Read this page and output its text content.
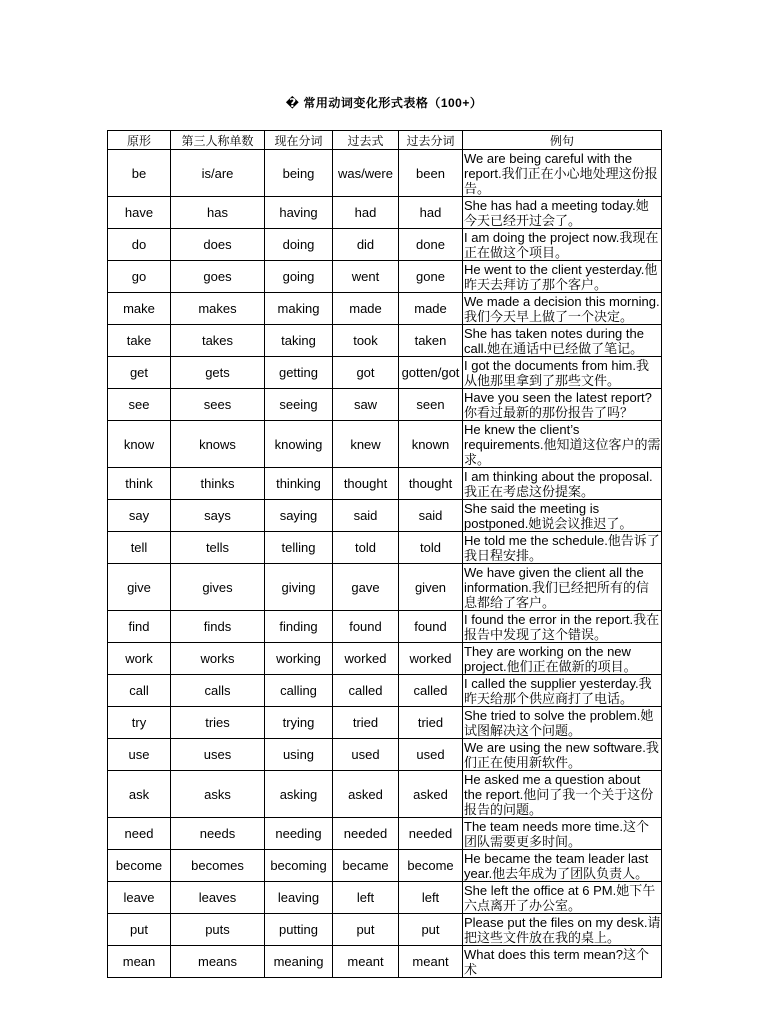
� 常用动词变化形式表格（100+）
原形	第三人称单数	现在分词	过去式	过去分词	例句
be	is/are	being	was/were	been	We are being careful with the report.我们正在小心地处理这份报告。
have	has	having	had	had	She has had a meeting today.她今天已经开过会了。
do	does	doing	did	done	I am doing the project now.我现在正在做这个项目。
go	goes	going	went	gone	He went to the client yesterday.他昨天去拜访了那个客户。
make	makes	making	made	made	We made a decision this morning.我们今天早上做了一个决定。
take	takes	taking	took	taken	She has taken notes during the call.她在通话中已经做了笔记。
get	gets	getting	got	gotten/got	I got the documents from him.我从他那里拿到了那些文件。
see	sees	seeing	saw	seen	Have you seen the latest report?你看过最新的那份报告了吗？
know	knows	knowing	knew	known	He knew the client’s requirements.他知道这位客户的需求。
think	thinks	thinking	thought	thought	I am thinking about the proposal.我正在考虑这份提案。
say	says	saying	said	said	She said the meeting is postponed.她说会议推迟了。
tell	tells	telling	told	told	He told me the schedule.他告诉了我日程安排。
give	gives	giving	gave	given	We have given the client all the information.我们已经把所有的信息都给了客户。
find	finds	finding	found	found	I found the error in the report.我在报告中发现了这个错误。
work	works	working	worked	worked	They are working on the new project.他们正在做新的项目。
call	calls	calling	called	called	I called the supplier yesterday.我昨天给那个供应商打了电话。
try	tries	trying	tried	tried	She tried to solve the problem.她试图解决这个问题。
use	uses	using	used	used	We are using the new software.我们正在使用新软件。
ask	asks	asking	asked	asked	He asked me a question about the report.他问了我一个关于这份报告的问题。
need	needs	needing	needed	needed	The team needs more time.这个团队需要更多时间。
become	becomes	becoming	became	become	He became the team leader last year.他去年成为了团队负责人。
leave	leaves	leaving	left	left	She left the office at 6 PM.她下午六点离开了办公室。
put	puts	putting	put	put	Please put the files on my desk.请把这些文件放在我的桌上。
mean	means	meaning	meant	meant	What does this term mean?这个术
